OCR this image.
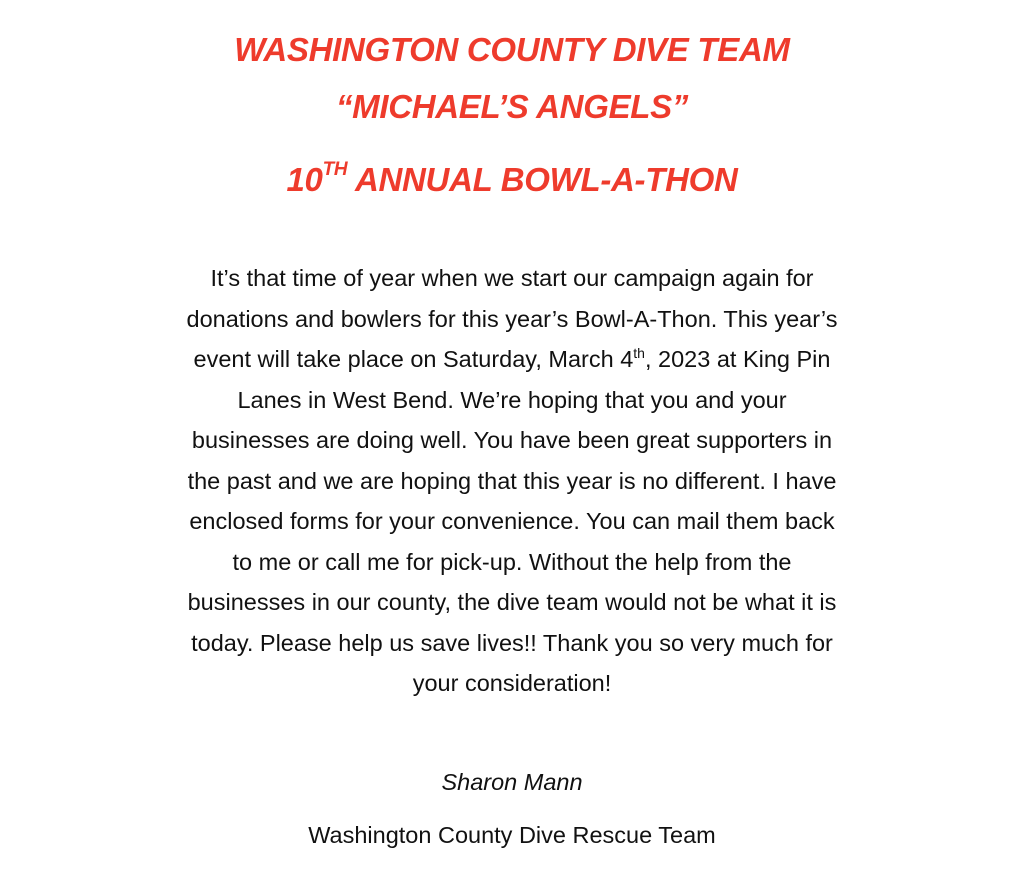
WASHINGTON COUNTY DIVE TEAM
“MICHAEL’S ANGELS”
10TH ANNUAL BOWL-A-THON

It’s that time of year when we start our campaign again for
donations and bowlers for this year’s Bowl-A-Thon. This year’s
event will take place on Saturday, March 4th, 2023 at King Pin
Lanes in West Bend. We’re hoping that you and your
businesses are doing well. You have been great supporters in
the past and we are hoping that this year is no different. I have
enclosed forms for your convenience. You can mail them back
to me or call me for pick-up. Without the help from the
businesses in our county, the dive team would not be what it is
today. Please help us save lives!! Thank you so very much for
your consideration!

Sharon Mann

Washington County Dive Rescue Team
